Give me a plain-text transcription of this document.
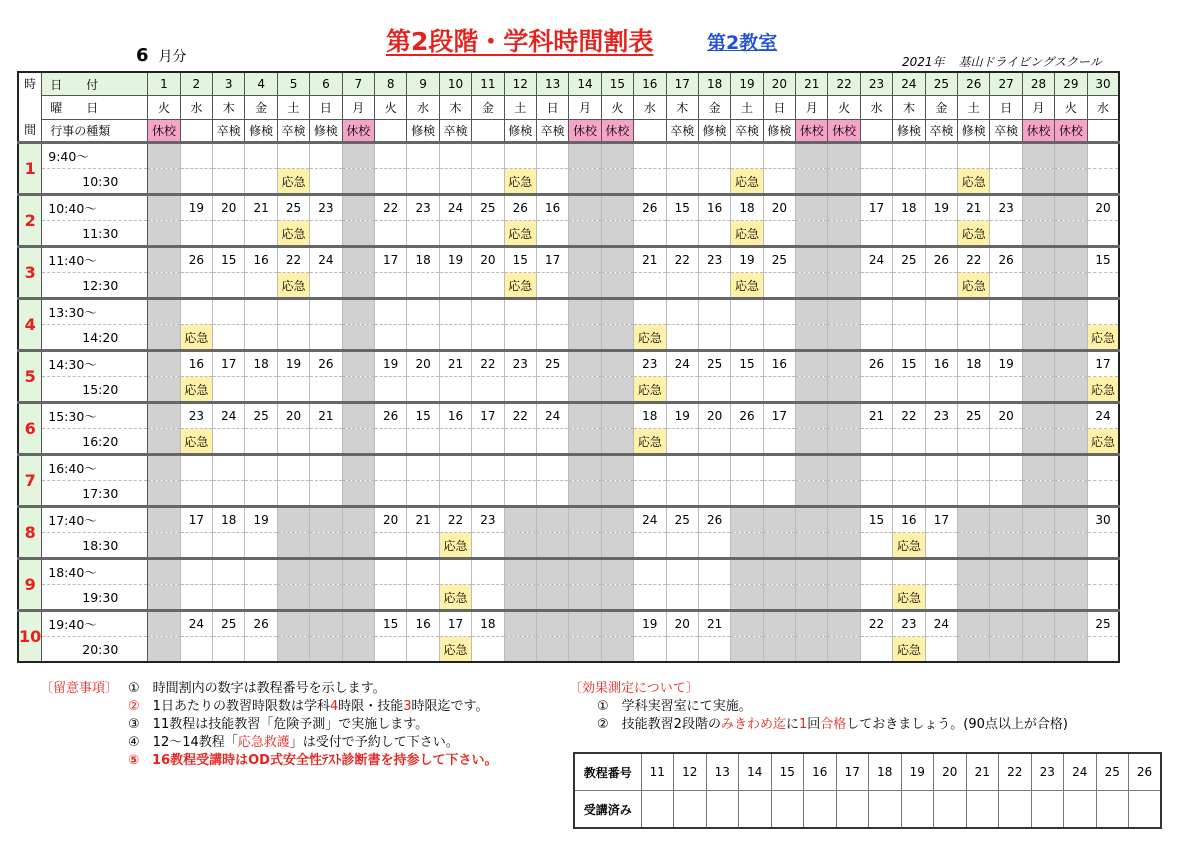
第2段階・学科時間割表	第2教室
6 月分	2021年 基山ドライビングスクール
時

間	日　　付	1	2	3	4	5	6	7	8	9	10	11	12	13	14	15	16	17	18	19	20	21	22	23	24	25	26	27	28	29	30
	曜　　日	火	水	木	金	土	日	月	火	水	木	金	土	日	月	火	水	木	金	土	日	月	火	水	木	金	土	日	月	火	水
	行事の種類	休校		卒検	修検	卒検	修検	休校		修検	卒検		修検	卒検	休校	休校		卒検	修検	卒検	修検	休校	休校		修検	卒検	修検	卒検	休校	休校	
1	9:40～																														
	10:30					応急							応急							応急							応急				
2	10:40～		19	20	21	25	23		22	23	24	25	26	16			26	15	16	18	20			17	18	19	21	23			20
	11:30					応急							応急							応急							応急				
3	11:40～		26	15	16	22	24		17	18	19	20	15	17			21	22	23	19	25			24	25	26	22	26			15
	12:30					応急							応急							応急							応急				
4	13:30～																														
	14:20		応急														応急														応急
5	14:30～		16	17	18	19	26		19	20	21	22	23	25			23	24	25	15	16			26	15	16	18	19			17
	15:20		応急														応急														応急
6	15:30～		23	24	25	20	21		26	15	16	17	22	24			18	19	20	26	17			21	22	23	25	20			24
	16:20		応急														応急														応急
7	16:40～																														
	17:30																														
8	17:40～		17	18	19				20	21	22	23					24	25	26					15	16	17					30
	18:30										応急														応急						
9	18:40～																														
	19:30										応急														応急						
10	19:40～		24	25	26				15	16	17	18					19	20	21					22	23	24					25
	20:30										応急														応急						
〔留意事項〕 ①　 時間割内の数字は教程番号を示します。
②　 1日あたりの教習時限数は学科4時限・技能3時限迄です。
③　 11教程は技能教習「危険予測」で実施します。
④　 12～14教程「応急救護」は受付で予約して下さい。
⑤　 16教程受講時はOD式安全性ﾃｽﾄ診断書を持参して下さい。
〔効果測定について〕
①　 学科実習室にて実施。
②　 技能教習2段階のみきわめ迄に1回合格しておきましょう。(90点以上が合格)
教程番号	11	12	13	14	15	16	17	18	19	20	21	22	23	24	25	26
受講済み																
